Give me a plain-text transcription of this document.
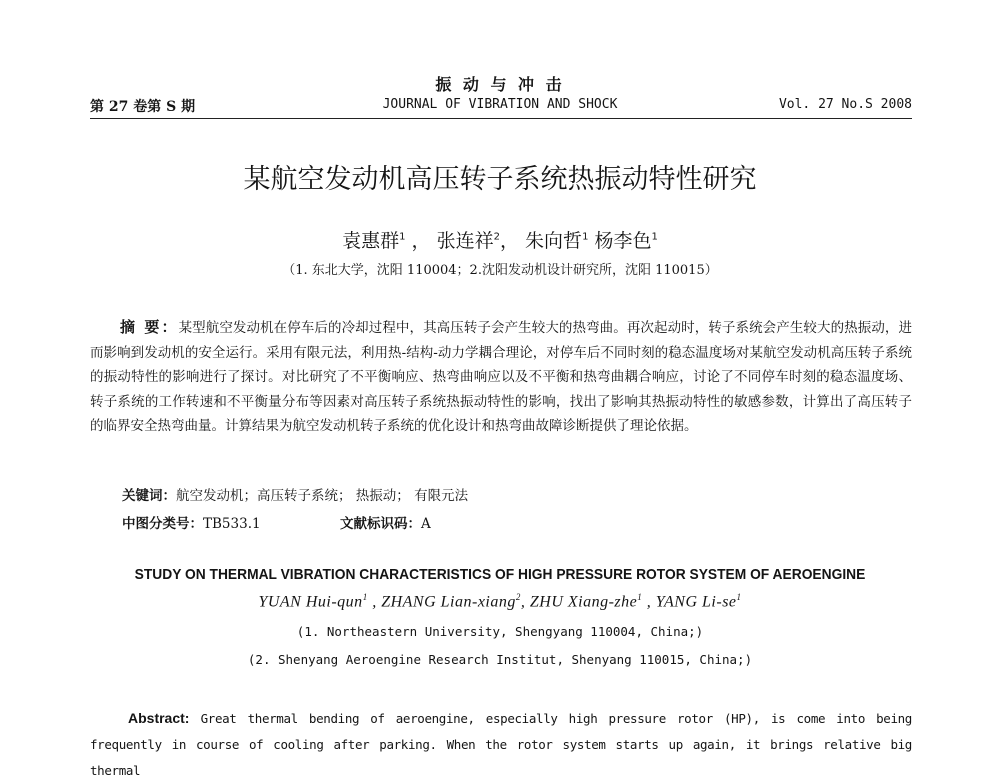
振 动 与 冲 击
第 27 卷第 S 期	JOURNAL OF VIBRATION AND SHOCK	Vol. 27 No.S 2008
某航空发动机高压转子系统热振动特性研究
袁惠群$^1$ ， 张连祥$^2$， 朱向哲$^1$ 杨李色$^1$
（1. 东北大学，沈阳 110004；2.沈阳发动机设计研究所，沈阳 110015）
摘 要：某型航空发动机在停车后的冷却过程中，其高压转子会产生较大的热弯曲。再次起动时，转子系统会产生较大的热振动，进而影响到发动机的安全运行。采用有限元法，利用热-结构-动力学耦合理论，对停车后不同时刻的稳态温度场对某航空发动机高压转子系统的振动特性的影响进行了探讨。对比研究了不平衡响应、热弯曲响应以及不平衡和热弯曲耦合响应，讨论了不同停车时刻的稳态温度场、转子系统的工作转速和不平衡量分布等因素对高压转子系统热振动特性的影响，找出了影响其热振动特性的敏感参数，计算出了高压转子的临界安全热弯曲量。计算结果为航空发动机转子系统的优化设计和热弯曲故障诊断提供了理论依据。
关键词：航空发动机；高压转子系统； 热振动； 有限元法
中图分类号：TB533.1	文献标识码：A
STUDY ON THERMAL VIBRATION CHARACTERISTICS OF HIGH PRESSURE ROTOR SYSTEM OF AEROENGINE
YUAN Hui-qun$^1$ , ZHANG Lian-xiang$^2$, ZHU Xiang-zhe$^1$ , YANG $Li-se^1$
(1. Northeastern University, Shengyang 110004, China;)
(2. Shenyang Aeroengine Research Institut, Shenyang 110015, China;)
Abstract: Great thermal bending of aeroengine, especially high pressure rotor (HP), is come into being frequently in course of cooling after parking. When the rotor system starts up again, it brings relative big thermal
